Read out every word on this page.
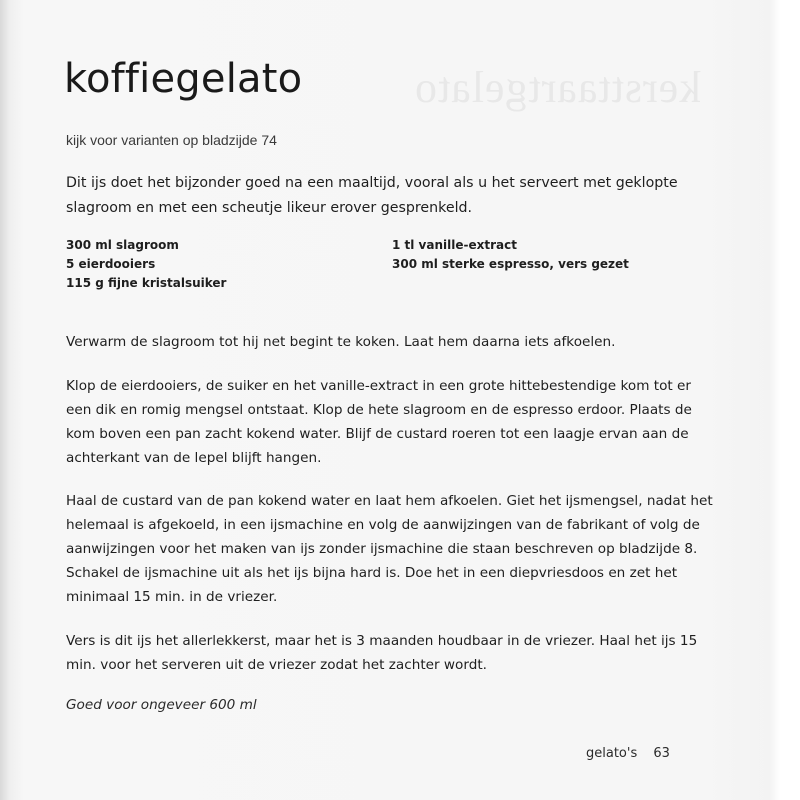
kersttaartgelato
koffiegelato
kijk voor varianten op bladzijde 74
Dit ijs doet het bijzonder goed na een maaltijd, vooral als u het serveert met geklopte slagroom en met een scheutje likeur erover gesprenkeld.
300 ml slagroom
5 eierdooiers
115 g fijne kristalsuiker
1 tl vanille-extract
300 ml sterke espresso, vers gezet
Verwarm de slagroom tot hij net begint te koken. Laat hem daarna iets afkoelen.
Klop de eierdooiers, de suiker en het vanille-extract in een grote hittebestendige kom tot er een dik en romig mengsel ontstaat. Klop de hete slagroom en de espresso erdoor. Plaats de kom boven een pan zacht kokend water. Blijf de custard roeren tot een laagje ervan aan de achterkant van de lepel blijft hangen.
Haal de custard van de pan kokend water en laat hem afkoelen. Giet het ijsmengsel, nadat het helemaal is afgekoeld, in een ijsmachine en volg de aanwijzingen van de fabrikant of volg de aanwijzingen voor het maken van ijs zonder ijsmachine die staan beschreven op bladzijde 8. Schakel de ijsmachine uit als het ijs bijna hard is. Doe het in een diepvriesdoos en zet het minimaal 15 min. in de vriezer.
Vers is dit ijs het allerlekkerst, maar het is 3 maanden houdbaar in de vriezer. Haal het ijs 15 min. voor het serveren uit de vriezer zodat het zachter wordt.
Goed voor ongeveer 600 ml
gelato's 63
